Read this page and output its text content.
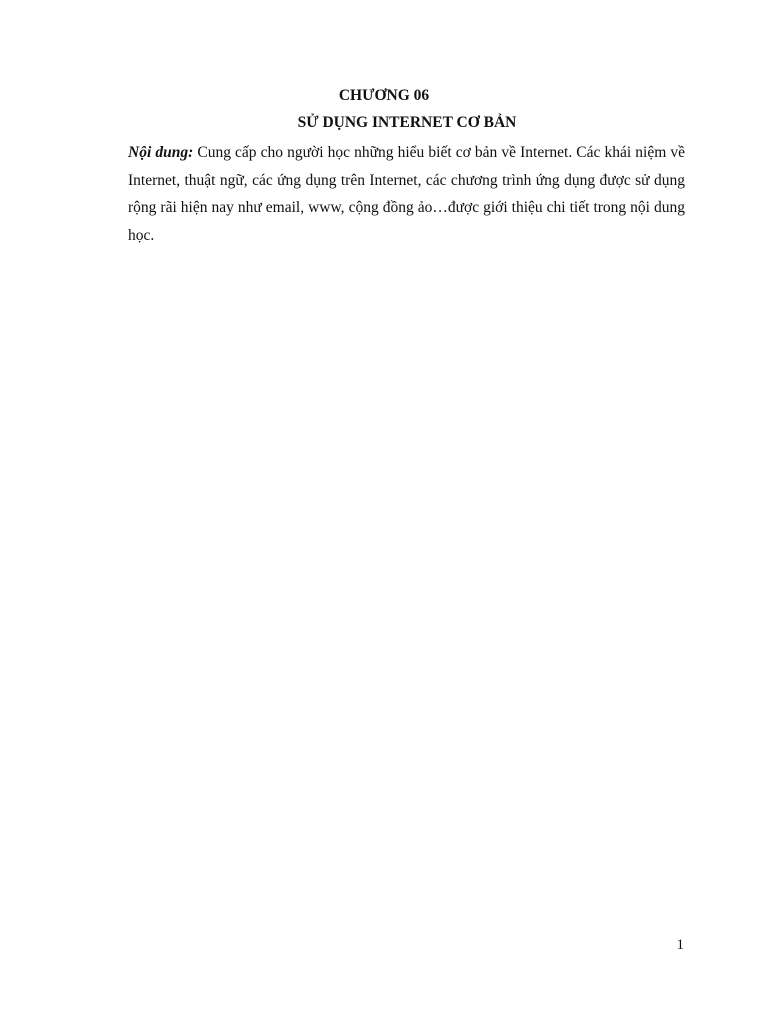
CHƯƠNG 06
SỬ DỤNG INTERNET CƠ BẢN

Nội dung: Cung cấp cho người học những hiểu biết cơ bản về Internet. Các khái niệm về Internet, thuật ngữ, các ứng dụng trên Internet, các chương trình ứng dụng được sử dụng rộng rãi hiện nay như email, www, cộng đồng ảo…được giới thiệu chi tiết trong nội dung học.

1
